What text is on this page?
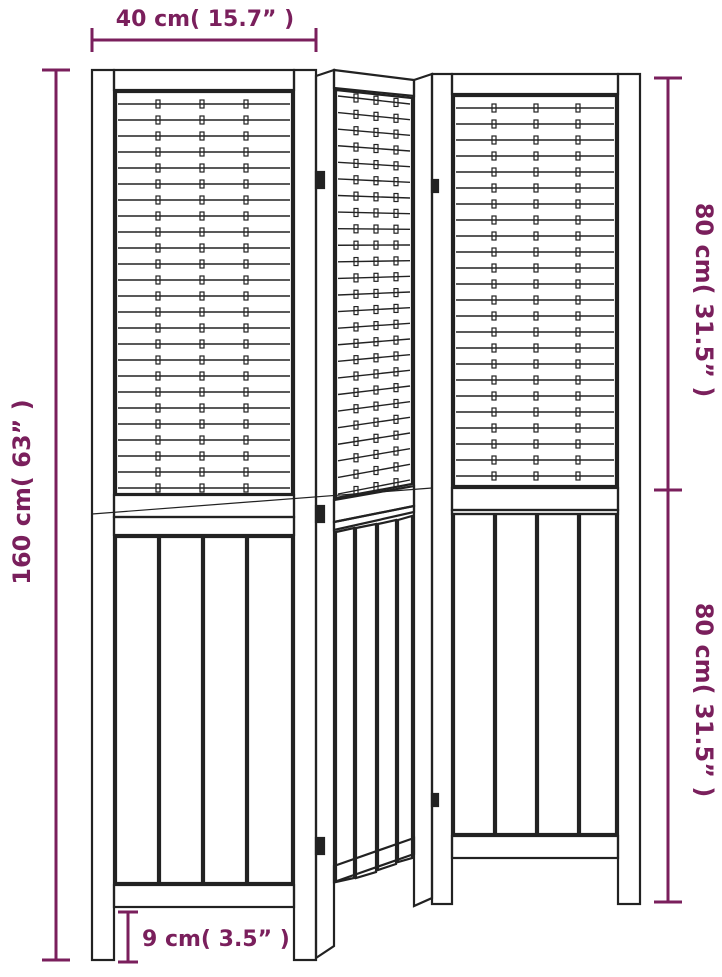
40 cm( 15.7” )
160 cm( 63” )
80 cm( 31.5” )
80 cm( 31.5” )
9 cm( 3.5” )
